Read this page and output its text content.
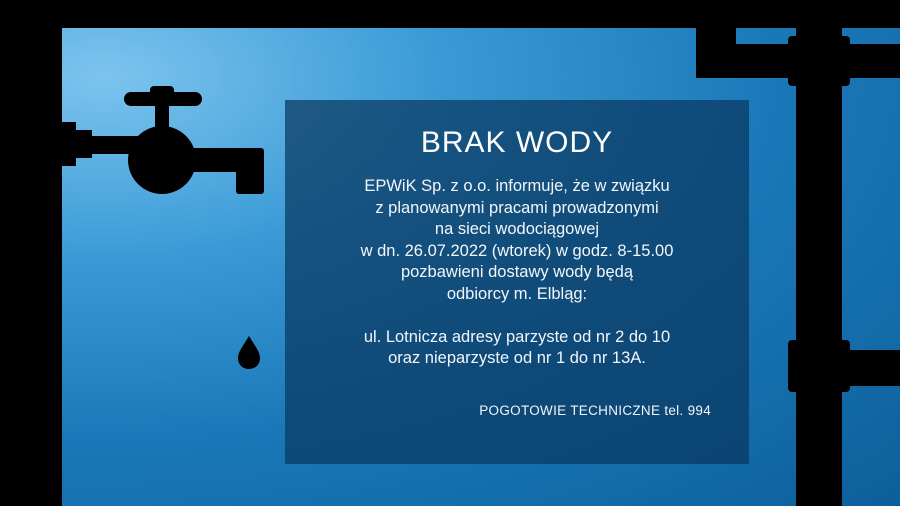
BRAK WODY
EPWiK Sp. z o.o. informuje, że w związku
z planowanymi pracami prowadzonymi
na sieci wodociągowej
w dn. 26.07.2022 (wtorek) w godz. 8-15.00
pozbawieni dostawy wody będą
odbiorcy m. Elbląg:
ul. Lotnicza adresy parzyste od nr 2 do 10
oraz nieparzyste od nr 1 do nr 13A.
POGOTOWIE TECHNICZNE tel. 994
